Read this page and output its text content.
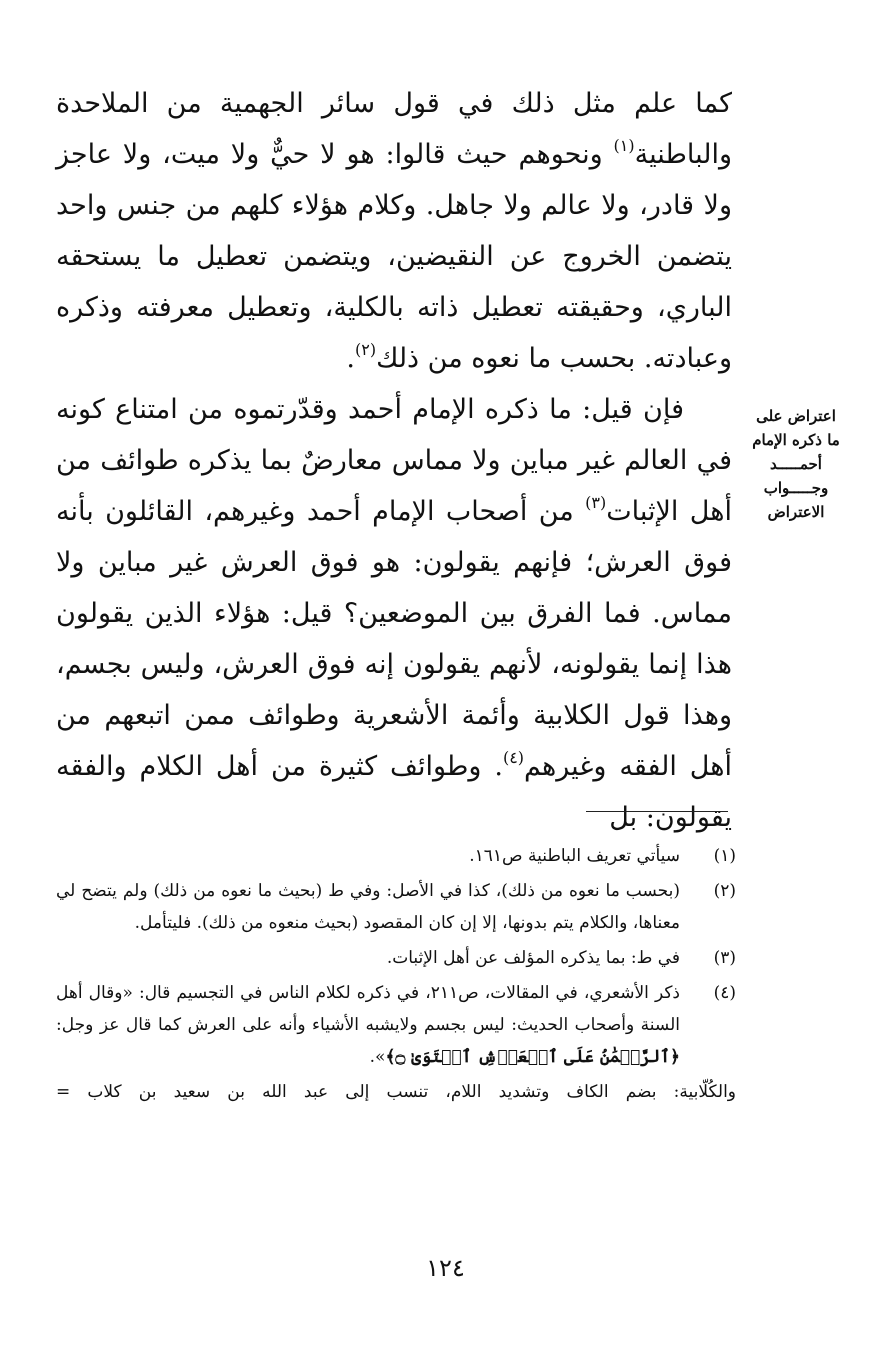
كما علم مثل ذلك في قول سائر الجهمية من الملاحدة والباطنية$^{(١)}$ ونحوهم حيث قالوا: هو لا حيٌّ ولا ميت، ولا عاجز ولا قادر، ولا عالم ولا جاهل. وكلام هؤلاء كلهم من جنس واحد يتضمن الخروج عن النقيضين، ويتضمن تعطيل ما يستحقه الباري، وحقيقته تعطيل ذاته بالكلية، وتعطيل معرفته وذكره وعبادته. بحسب ما نعوه من ذلك$^{(٢)}$.
فإن قيل: ما ذكره الإمام أحمد وقدّرتموه من امتناع كونه في العالم غير مباين ولا مماس معارضٌ بما يذكره طوائف من أهل الإثبات$^{(٣)}$ من أصحاب الإمام أحمد وغيرهم، القائلون بأنه فوق العرش؛ فإنهم يقولون: هو فوق العرش غير مباين ولا مماس. فما الفرق بين الموضعين؟ قيل: هؤلاء الذين يقولون هذا إنما يقولونه، لأنهم يقولون إنه فوق العرش، وليس بجسم، وهذا قول الكلابية وأئمة الأشعرية وطوائف ممن اتبعهم من أهل الفقه وغيرهم$^{(٤)}$. وطوائف كثيرة من أهل الكلام والفقه يقولون: بل
اعتراض على
ما ذكره الإمام
أحمـــــد
وجـــــواب
الاعتراض
(١)
سيأتي تعريف الباطنية ص١٦١.
(٢)
(بحسب ما نعوه من ذلك)، كذا في الأصل: وفي ط (بحيث ما نعوه من ذلك) ولم يتضح لي معناها، والكلام يتم بدونها، إلا إن كان المقصود (بحيث منعوه من ذلك). فليتأمل.
(٣)
في ط: بما يذكره المؤلف عن أهل الإثبات.
(٤)
ذكر الأشعري، في المقالات، ص٢١١، في ذكره لكلام الناس في التجسيم قال: «وقال أهل السنة وأصحاب الحديث: ليس بجسم ولايشبه الأشياء وأنه على العرش كما قال عز وجل: ﴿ٱلرَّحۡمَٰنُ عَلَى ٱلۡعَرۡشِ ٱسۡتَوَىٰ ۝﴾».
والكُلّابية: بضم الكاف وتشديد اللام، تنسب إلى عبد الله بن سعيد بن كلاب =
١٢٤
